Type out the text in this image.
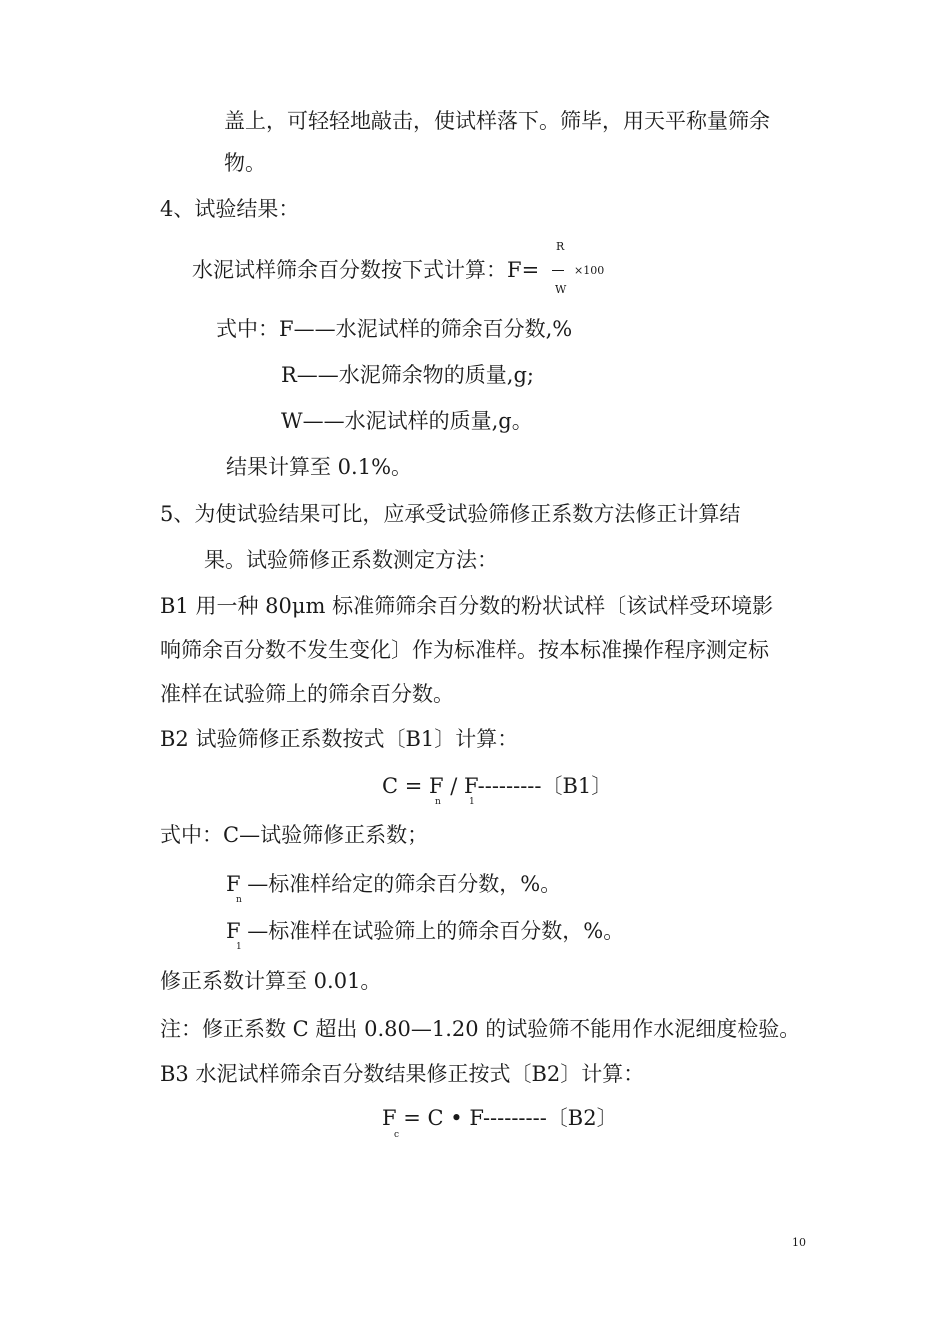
盖上，可轻轻地敲击，使试样落下。筛毕，用天平称量筛余
物。
4、试验结果：
水泥试样筛余百分数按下式计算：F=
R
W
×100
式中：F——水泥试样的筛余百分数,%
R——水泥筛余物的质量,g;
W——水泥试样的质量,g。
结果计算至 0.1%。
5、为使试验结果可比，应承受试验筛修正系数方法修正计算结
果。试验筛修正系数测定方法：
B1 用一种 80μm 标准筛筛余百分数的粉状试样〔该试样受环境影
响筛余百分数不发生变化〕作为标准样。按本标准操作程序测定标
准样在试验筛上的筛余百分数。
B2 试验筛修正系数按式〔B1〕计算：
C = F / F---------〔B1〕
n	1
式中：C—试验筛修正系数；
F —标准样给定的筛余百分数，%。
n
F —标准样在试验筛上的筛余百分数，%。
1
修正系数计算至 0.01。
注：修正系数 C 超出 0.80—1.20 的试验筛不能用作水泥细度检验。
B3 水泥试样筛余百分数结果修正按式〔B2〕计算：
F = C • F---------〔B2〕
c
10
